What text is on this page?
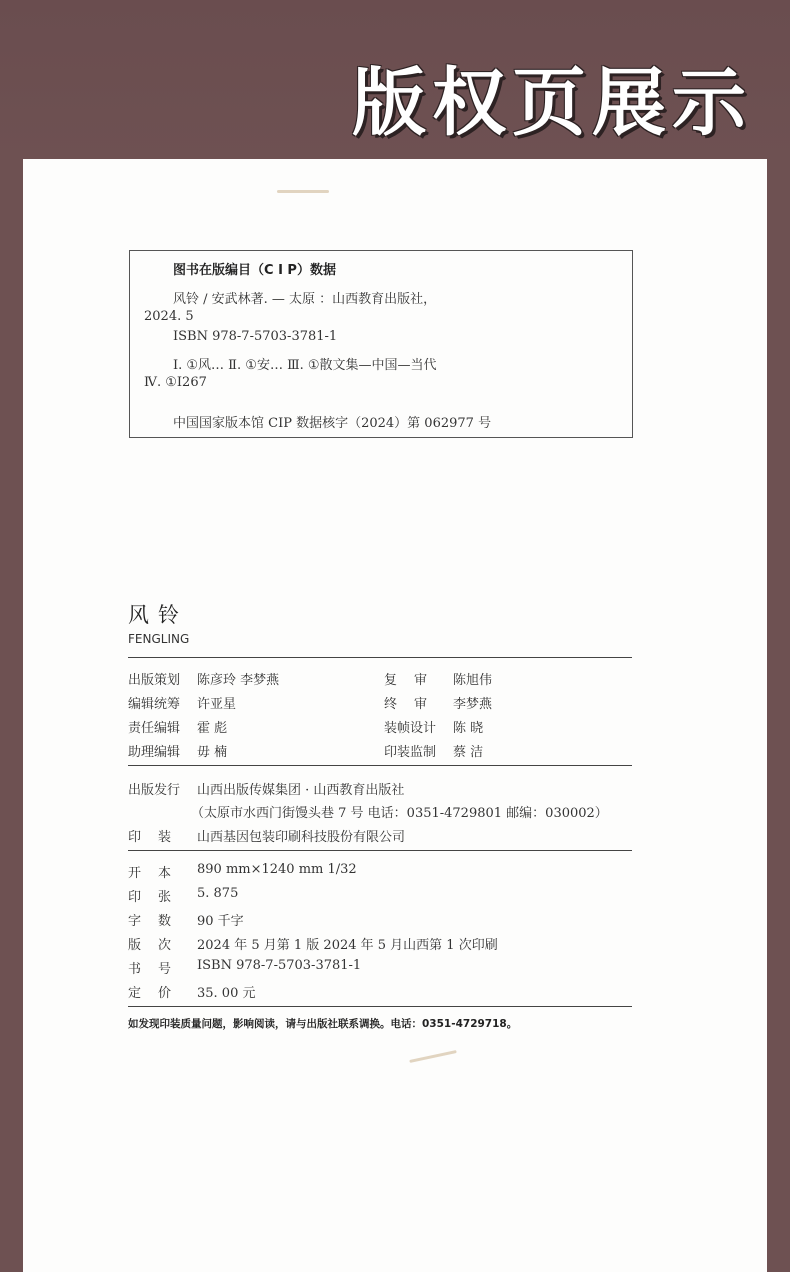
版权页展示
图书在版编目（C I P）数据
风铃 / 安武林著. — 太原 ：山西教育出版社，
2024. 5
ISBN 978-7-5703-3781-1
Ⅰ. ①风… Ⅱ. ①安… Ⅲ. ①散文集—中国—当代
Ⅳ. ①I267
中国国家版本馆 CIP 数据核字（2024）第 062977 号
风铃
FENGLING
出版策划 陈彦玲 李梦燕
编辑统筹 许亚星
责任编辑 霍 彪
助理编辑 毋 楠
复审 陈旭伟
终审 李梦燕
装帧设计 陈 晓
印装监制 蔡 洁
出版发行 山西出版传媒集团 · 山西教育出版社
（太原市水西门街馒头巷 7 号 电话：0351-4729801 邮编：030002）
印装 山西基因包装印刷科技股份有限公司
开本 890 mm×1240 mm 1/32
印张 5. 875
字数 90 千字
版次 2024 年 5 月第 1 版 2024 年 5 月山西第 1 次印刷
书号 ISBN 978-7-5703-3781-1
定价 35. 00 元
如发现印装质量问题，影响阅读，请与出版社联系调换。电话：0351-4729718。
